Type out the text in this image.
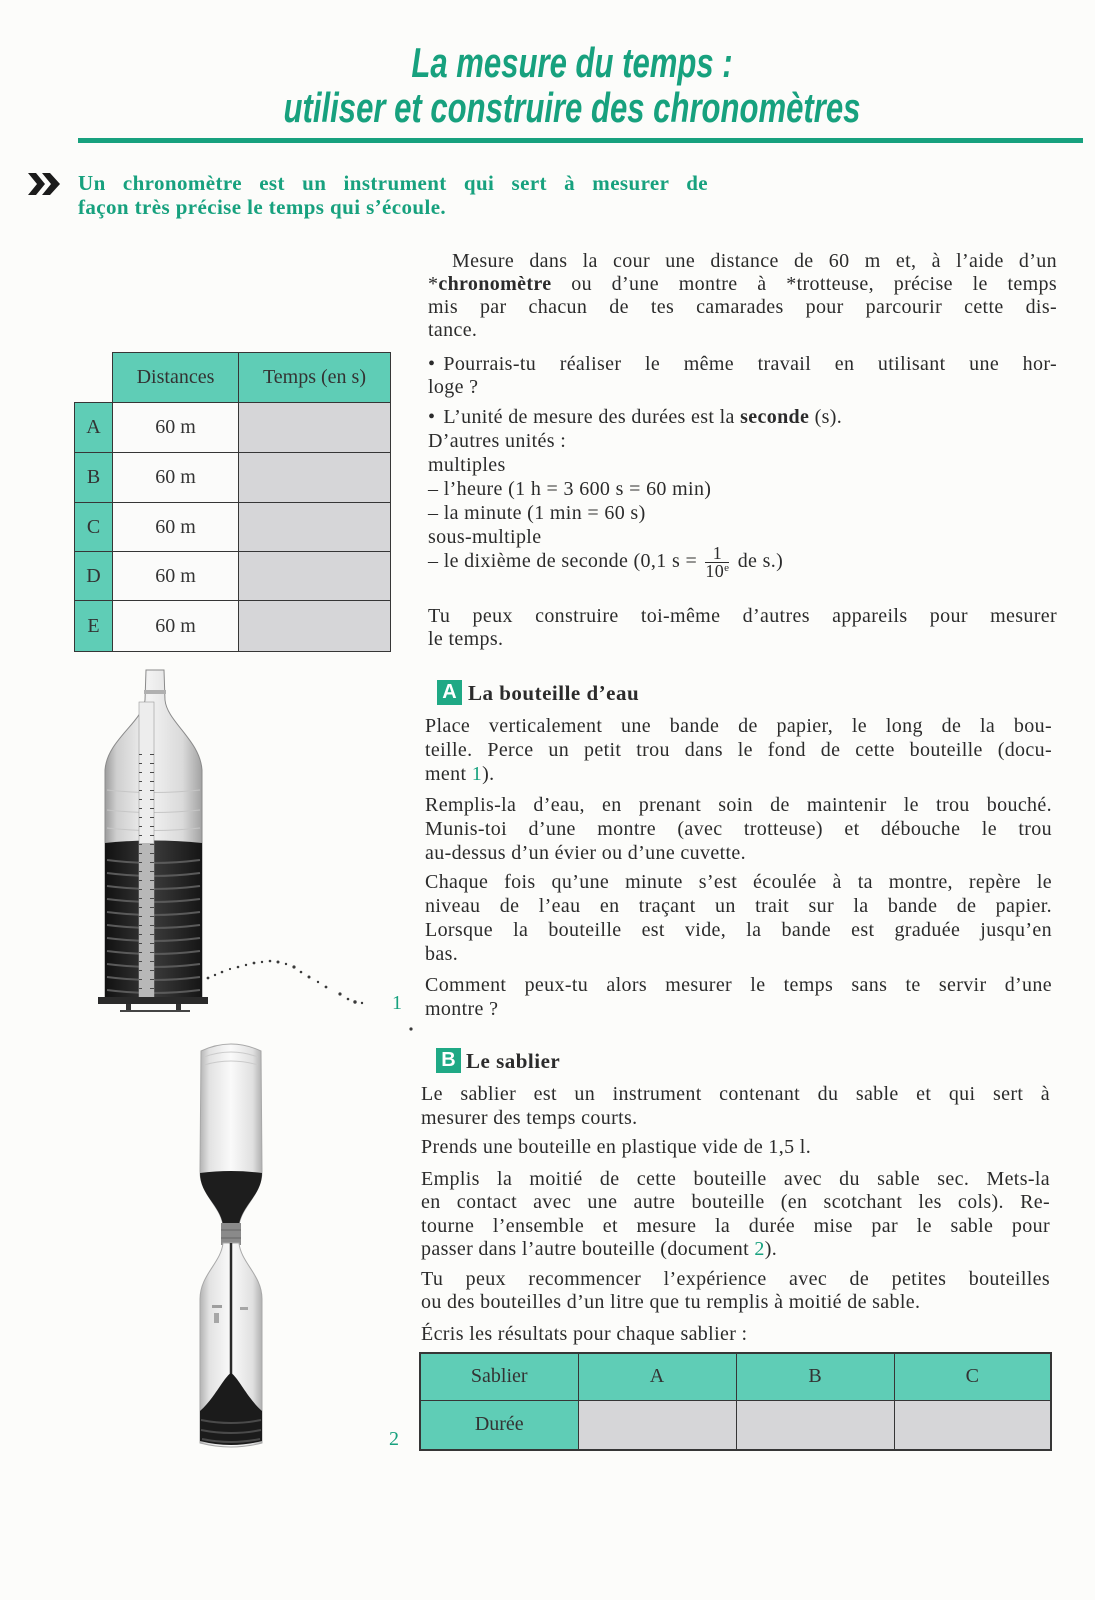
La mesure du temps :
utiliser et construire des chronomètres
Un chronomètre est un instrument qui sert à mesurer de
façon très précise le temps qui s’écoule.
	Distances	Temps (en s)
A	60 m	
B	60 m	
C	60 m	
D	60 m	
E	60 m	
1
2
Mesure dans la cour une distance de 60 m et, à l’aide d’un
*chronomètre ou d’une montre à *trotteuse, précise le temps
mis par chacun de tes camarades pour parcourir cette dis-
tance.
• Pourrais-tu réaliser le même travail en utilisant une hor-
loge ?
• L’unité de mesure des durées est la seconde (s).
D’autres unités :
multiples
– l’heure (1 h = 3 600 s = 60 min)
– la minute (1 min = 60 s)
sous-multiple
– le dixième de seconde (0,1 $s = \frac{1}{10^e}$ de s.)
Tu peux construire toi-même d’autres appareils pour mesurer
le temps.
A La bouteille d’eau
Place verticalement une bande de papier, le long de la bou-
teille. Perce un petit trou dans le fond de cette bouteille (docu-
ment 1).
Remplis-la d’eau, en prenant soin de maintenir le trou bouché.
Munis-toi d’une montre (avec trotteuse) et débouche le trou
au-dessus d’un évier ou d’une cuvette.
Chaque fois qu’une minute s’est écoulée à ta montre, repère le
niveau de l’eau en traçant un trait sur la bande de papier.
Lorsque la bouteille est vide, la bande est graduée jusqu’en
bas.
Comment peux-tu alors mesurer le temps sans te servir d’une
montre ?
B Le sablier
Le sablier est un instrument contenant du sable et qui sert à
mesurer des temps courts.
Prends une bouteille en plastique vide de 1,5 l.
Emplis la moitié de cette bouteille avec du sable sec. Mets-la
en contact avec une autre bouteille (en scotchant les cols). Re-
tourne l’ensemble et mesure la durée mise par le sable pour
passer dans l’autre bouteille (document 2).
Tu peux recommencer l’expérience avec de petites bouteilles
ou des bouteilles d’un litre que tu remplis à moitié de sable.
Écris les résultats pour chaque sablier :
Sablier	A	B	C
Durée			
